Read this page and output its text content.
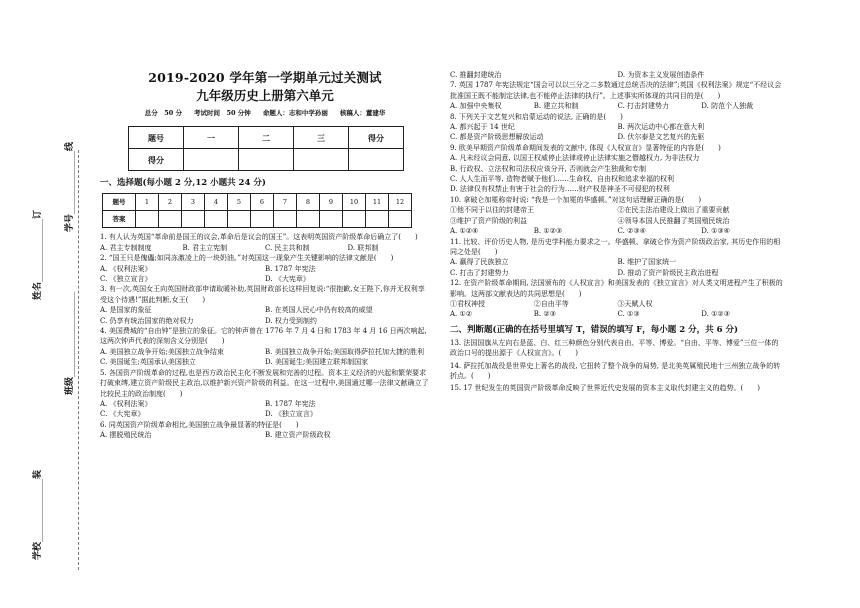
学号______________线
姓名______________订
班级___________________
学校______________装
2019-2020 学年第一学期单元过关测试
九年级历史上册第六单元
总分　50 分 考试时间　50 分钟 命题人：志和中学孙丽 核稿人：董建华
题号	一	二	三	得分
得分				
一、选择题(每小题 2 分,12 小题共 24 分)
题号	1	2	3	4	5	6	7	8	9	10	11	12
答案												
1. 有人认为英国“革命前是国王的议会,革命后是议会的国王”。这表明英国资产阶级革命后确立了(　　)
A. 君主专制制度	B. 君主立宪制	C. 民主共和制	D. 联邦制
2. “国王只是傀儡;如同冻激凌上的一块奶油。”对英国这一现象产生关键影响的法律文献是(　　)
A. 《权利法案》	B. 1787 年宪法
C. 《独立宣言》	D. 《大宪章》
3. 有一次,英国女王向英国财政部申请取暖补助,英国财政部长这样回复说:“很抱歉,女王陛下,你并无权利享受这个待遇!”据此判断,女王(　　)
A. 是国家的象征	B. 在英国人民心中仍有较高的威望
C. 仍享有统治国家的绝对权力	D. 权力受到制约
4. 美国费城的“自由钟”是独立的象征。它的钟声曾在 1776 年 7 月 4 日和 1783 年 4 月 16 日两次响起,这两次钟声代表的深刻含义分别是(　　)
A. 美国独立战争开始;美国独立战争结束	B. 美国独立战争开始;美国取得萨拉托加大捷的胜利
C. 美国诞生;英国承认美国独立	D. 美国诞生;美国建立联邦制国家
5. 各国资产阶级革命的过程,也是西方政治民主化不断发展和完善的过程。资本主义经济的兴起和繁荣要求打破束缚,建立资产阶级民主政治,以维护新兴资产阶级的利益。在这一过程中,美国通过哪一法律文献确立了比较民主的政治制度(　　)
A. 《权利法案》	B. 1787 年宪法
C. 《大宪章》	D. 《独立宣言》
6. 同英国资产阶级革命相比,美国独立战争最显著的特征是(　　)
A. 摆脱殖民统治	B. 建立资产阶级政权
C. 推翻封建统治	D. 为资本主义发展创造条件
7. 英国 1787 年宪法规定“国会可以以三分之二多数通过总统否决的法律”;英国《权利法案》规定“不经议会批准国王既不能制定法律,也不能停止法律的执行”。上述事实所体现的共同目的是(　　)
A. 加强中央集权	B. 建立共和制	C. 打击封建势力	D. 防范个人独裁
8. 下列关于文艺复兴和启蒙运动的说法, 正确的是(　　)
A. 都兴起于 14 世纪	B. 两次运动中心都在意大利
C. 都是资产阶级思想解放运动	D. 伏尔泰是文艺复兴的先驱
9. 欧美早期资产阶级革命期间发表的文献中, 体现《人权宣言》显著特征的内容是(　　)
A. 凡未经议会同意, 以国王权威停止法律或停止法律实施之僭越权力, 为非法权力
B. 行政权、立法权和司法权应该分开, 否则就会产生独裁和专制
C. 人人生而平等, 造物者赋予他们……生命权、自由权和追求幸福的权利
D. 法律仅有权禁止有害于社会的行为……财产权是神圣不可侵犯的权利
10. 拿破仑加冕称帝时说: “我是一个加冕的华盛顿。”对这句话理解正确的是(　　)
①他不同于以往的封建帝王	②在民主法治建设上做出了重要贡献
③维护了资产阶级的利益	④领导本国人民推翻了英国殖民统治
A. ①②④	B. ①②③	C. ②③④	D. ①③④
11. 比较、评价历史人物, 是历史学科能力要求之一。华盛顿、拿破仑作为资产阶级政治家, 其历史作用的相同之处是(　　)
A. 赢得了民族独立	B. 维护了国家统一
C. 打击了封建势力	D. 推动了资产阶级民主政治进程
12. 在资产阶级革命期间, 法国颁布的《人权宣言》和美国发表的《独立宣言》对人类文明进程产生了积极的影响。这两部文献表达的共同思想是(　　)
①君权神授	②自由平等	③天赋人权
A. ①②	B. ②③	C. ①③	D. ①②③
二、判断题(正确的在括号里填写 T，错误的填写 F，每小题 2 分，共 6 分)
13. 法国国旗从左向右是蓝、白、红三种颜色分别代表自由、平等、博爱。“自由、平等、博爱”三位一体的政治口号的提出源于《人权宣言》。(　　)
14. 萨拉托加战役是世界史上著名的战役, 它扭转了整个战争的局势, 是北美英属殖民地十三州独立战争的转折点。(　　)
15. 17 世纪发生的英国资产阶级革命反映了世界近代史发展的资本主义取代封建主义的趋势。(　　)
